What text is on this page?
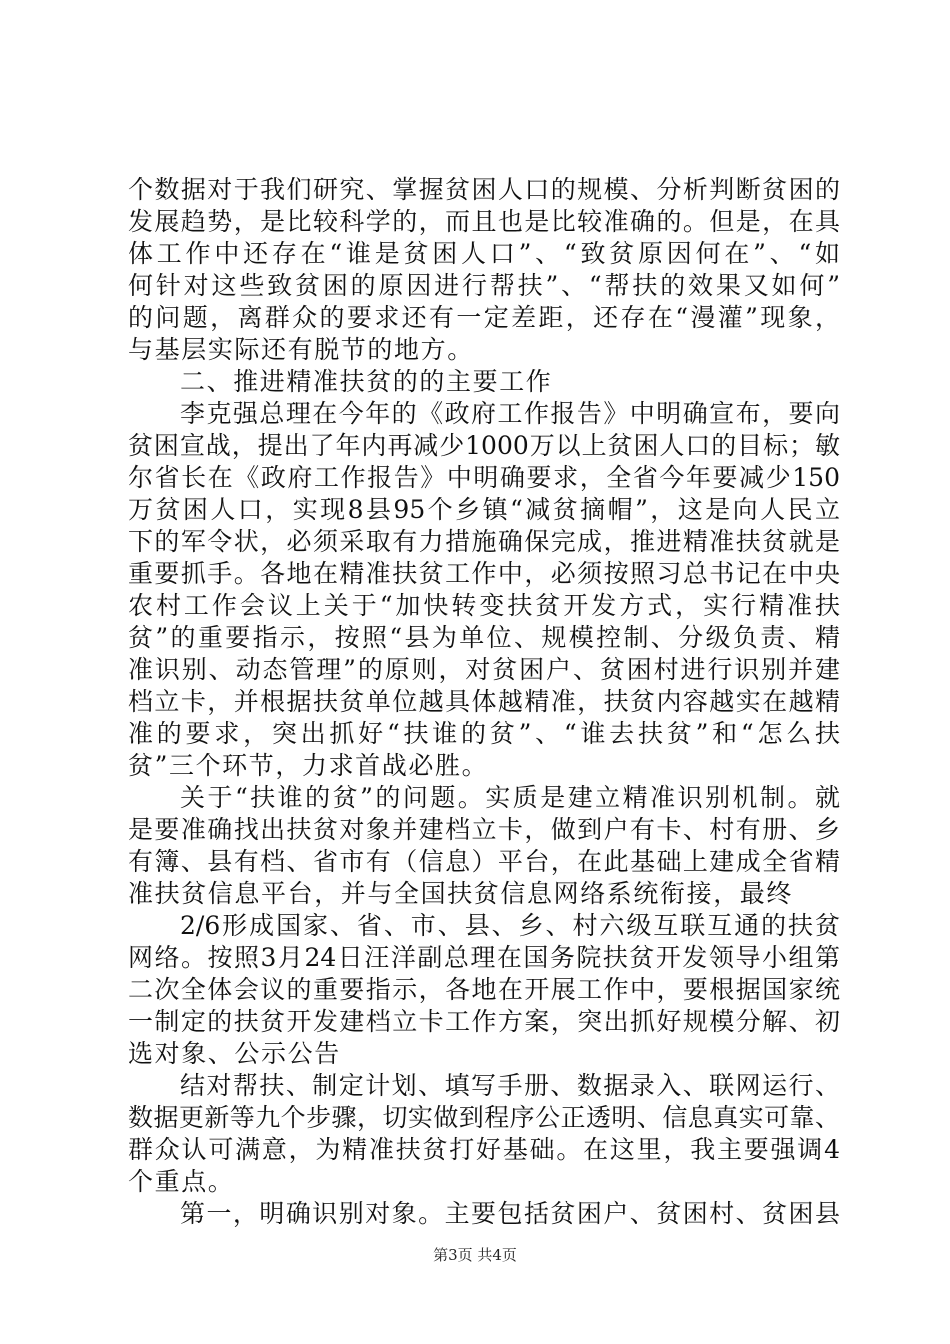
个数据对于我们研究、掌握贫困人口的规模、分析判断贫困的
发展趋势，是比较科学的，而且也是比较准确的。但是，在具
体工作中还存在“谁是贫困人口”、“致贫原因何在”、“如
何针对这些致贫困的原因进行帮扶”、“帮扶的效果又如何”
的问题，离群众的要求还有一定差距，还存在“漫灌”现象，
与基层实际还有脱节的地方。
二、推进精准扶贫的的主要工作
李克强总理在今年的《政府工作报告》中明确宣布，要向
贫困宣战，提出了年内再减少1000万以上贫困人口的目标；敏
尔省长在《政府工作报告》中明确要求，全省今年要减少150
万贫困人口，实现8县95个乡镇“减贫摘帽”，这是向人民立
下的军令状，必须采取有力措施确保完成，推进精准扶贫就是
重要抓手。各地在精准扶贫工作中，必须按照习总书记在中央
农村工作会议上关于“加快转变扶贫开发方式，实行精准扶
贫”的重要指示，按照“县为单位、规模控制、分级负责、精
准识别、动态管理”的原则，对贫困户、贫困村进行识别并建
档立卡，并根据扶贫单位越具体越精准，扶贫内容越实在越精
准的要求，突出抓好“扶谁的贫”、“谁去扶贫”和“怎么扶
贫”三个环节，力求首战必胜。
关于“扶谁的贫”的问题。实质是建立精准识别机制。就
是要准确找出扶贫对象并建档立卡，做到户有卡、村有册、乡
有簿、县有档、省市有（信息）平台，在此基础上建成全省精
准扶贫信息平台，并与全国扶贫信息网络系统衔接，最终
2/6形成国家、省、市、县、乡、村六级互联互通的扶贫
网络。按照3月24日汪洋副总理在国务院扶贫开发领导小组第
二次全体会议的重要指示，各地在开展工作中，要根据国家统
一制定的扶贫开发建档立卡工作方案，突出抓好规模分解、初
选对象、公示公告
结对帮扶、制定计划、填写手册、数据录入、联网运行、
数据更新等九个步骤，切实做到程序公正透明、信息真实可靠、
群众认可满意，为精准扶贫打好基础。在这里，我主要强调4
个重点。
第一，明确识别对象。主要包括贫困户、贫困村、贫困县
第3页 共4页
